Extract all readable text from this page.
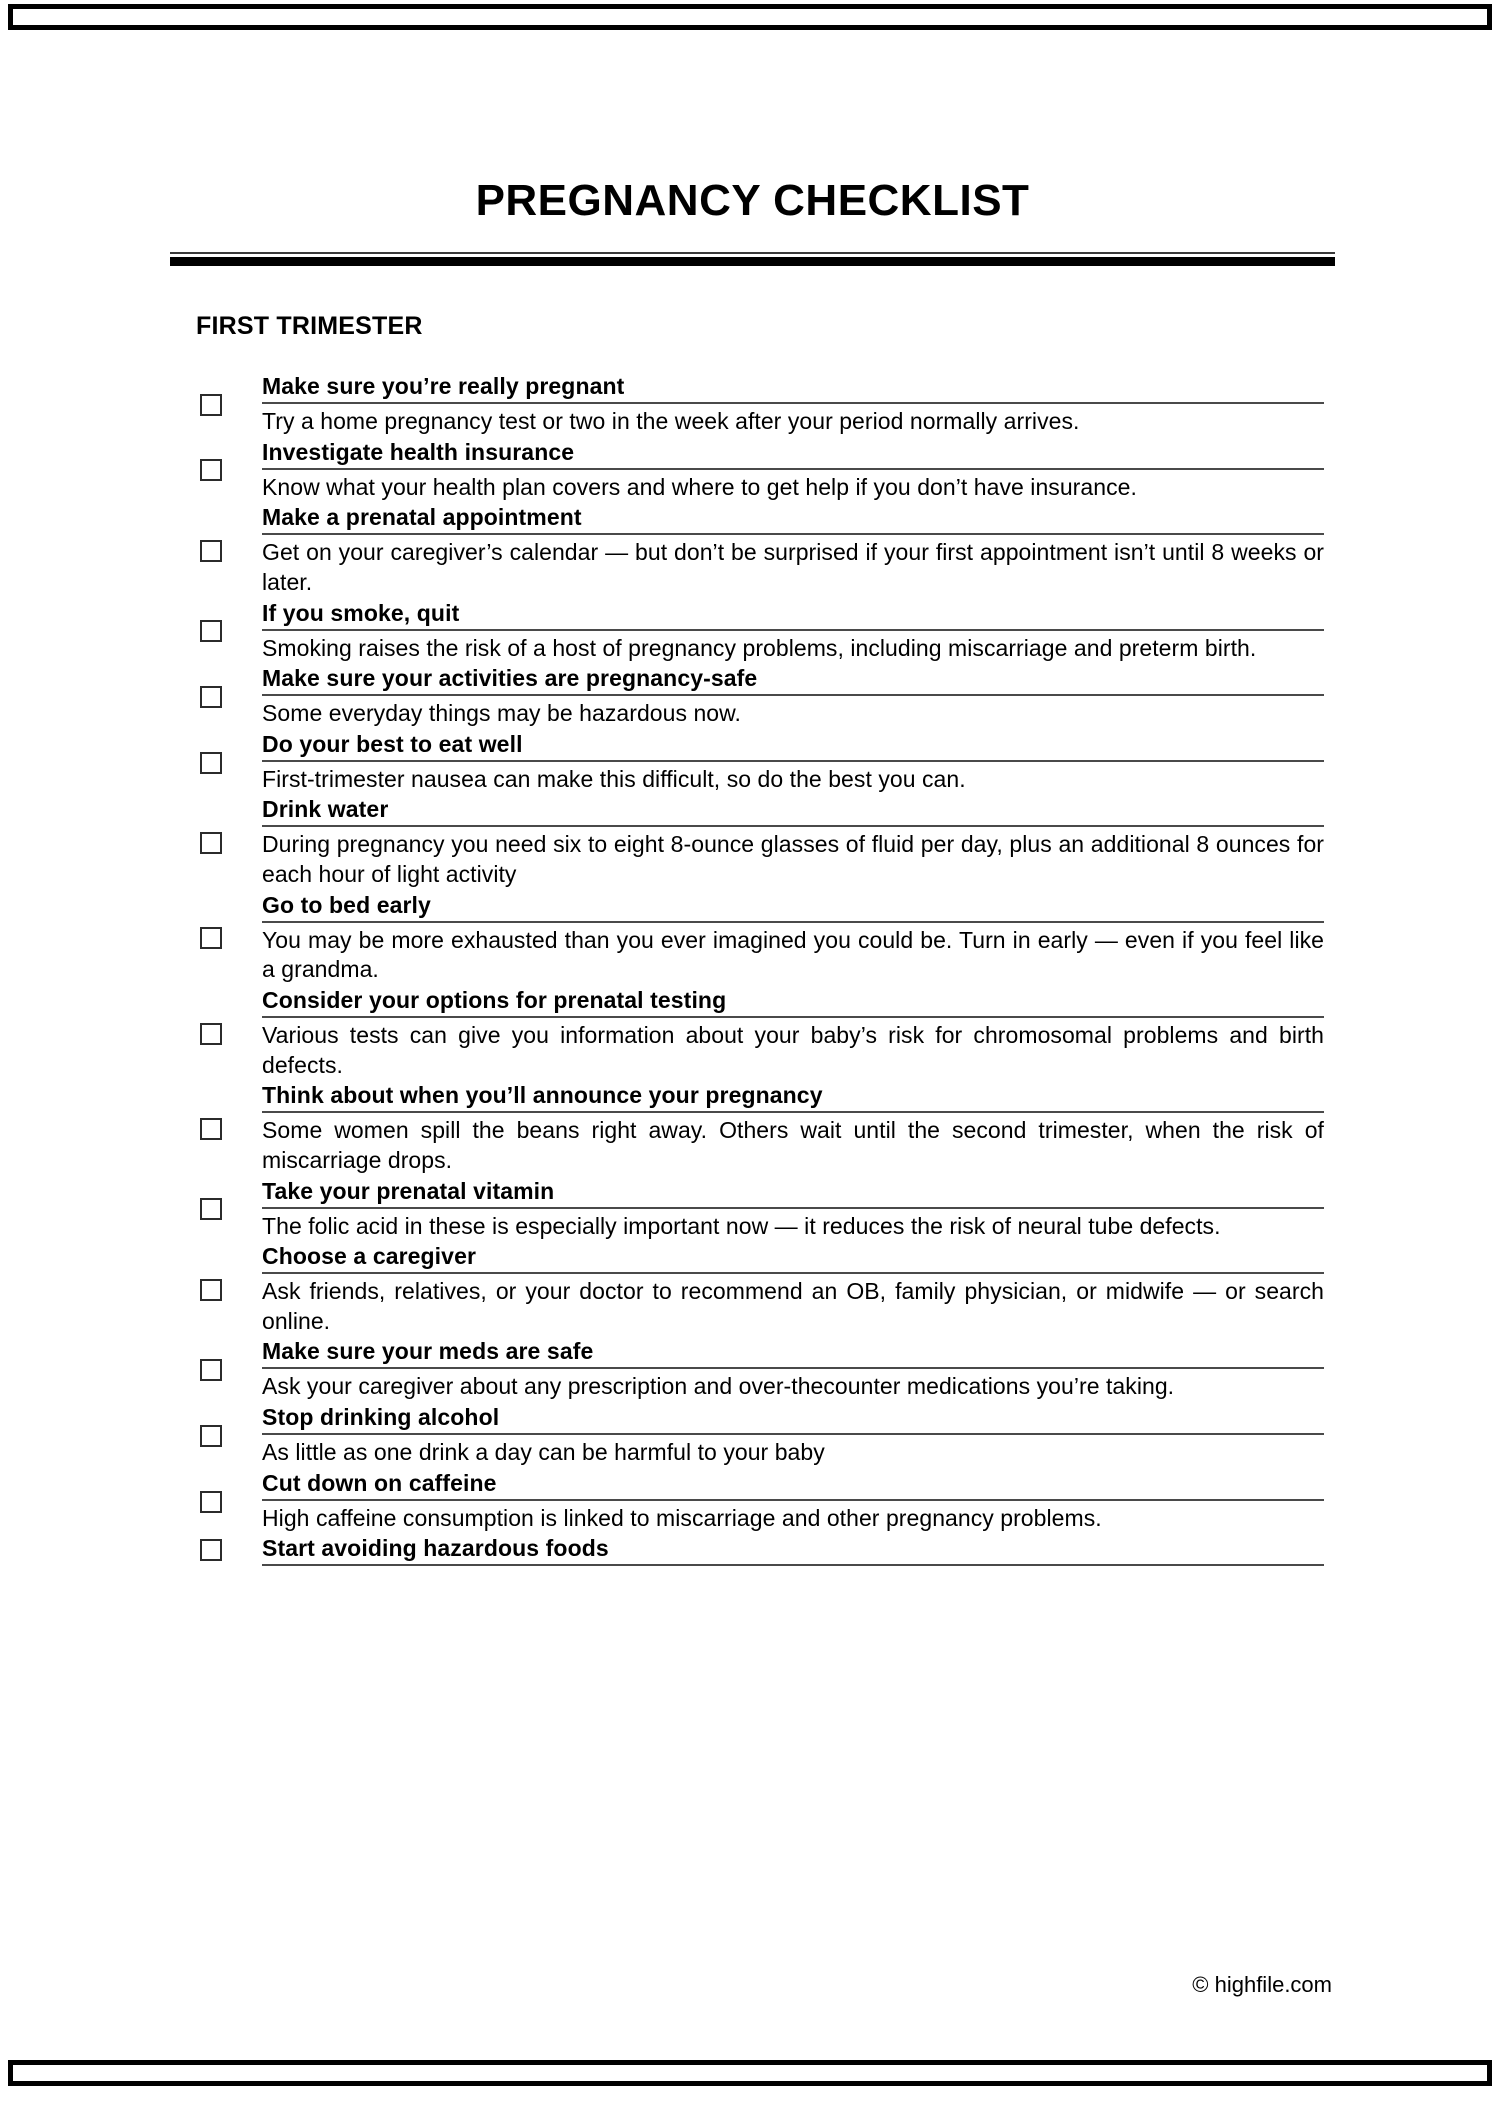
PREGNANCY CHECKLIST
FIRST TRIMESTER
Make sure you’re really pregnant
Try a home pregnancy test or two in the week after your period normally arrives.
Investigate health insurance
Know what your health plan covers and where to get help if you don’t have insurance.
Make a prenatal appointment
Get on your caregiver’s calendar — but don’t be surprised if your first appointment isn’t until 8 weeks or later.
If you smoke, quit
Smoking raises the risk of a host of pregnancy problems, including miscarriage and preterm birth.
Make sure your activities are pregnancy-safe
Some everyday things may be hazardous now.
Do your best to eat well
First-trimester nausea can make this difficult, so do the best you can.
Drink water
During pregnancy you need six to eight 8-ounce glasses of fluid per day, plus an additional 8 ounces for each hour of light activity
Go to bed early
You may be more exhausted than you ever imagined you could be. Turn in early — even if you feel like a grandma.
Consider your options for prenatal testing
Various tests can give you information about your baby’s risk for chromosomal problems and birth defects.
Think about when you’ll announce your pregnancy
Some women spill the beans right away. Others wait until the second trimester, when the risk of miscarriage drops.
Take your prenatal vitamin
The folic acid in these is especially important now — it reduces the risk of neural tube defects.
Choose a caregiver
Ask friends, relatives, or your doctor to recommend an OB, family physician, or midwife — or search online.
Make sure your meds are safe
Ask your caregiver about any prescription and over-thecounter medications you’re taking.
Stop drinking alcohol
As little as one drink a day can be harmful to your baby
Cut down on caffeine
High caffeine consumption is linked to miscarriage and other pregnancy problems.
Start avoiding hazardous foods
© highfile.com
